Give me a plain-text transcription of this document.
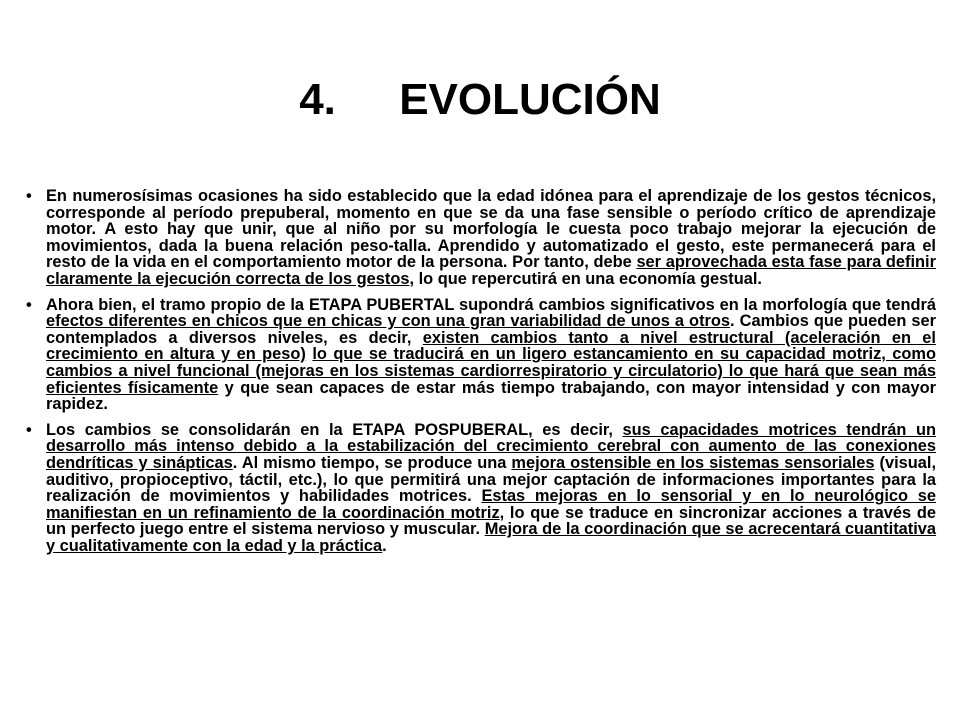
4.	EVOLUCIÓN
• En numerosísimas ocasiones ha sido establecido que la edad idónea para el aprendizaje de los gestos técnicos, corresponde al período prepuberal, momento en que se da una fase sensible o período crítico de aprendizaje motor. A esto hay que unir, que al niño por su morfología le cuesta poco trabajo mejorar la ejecución de movimientos, dada la buena relación peso-talla. Aprendido y automatizado el gesto, este permanecerá para el resto de la vida en el comportamiento motor de la persona. Por tanto, debe ser aprovechada esta fase para definir claramente la ejecución correcta de los gestos, lo que repercutirá en una economía gestual.
• Ahora bien, el tramo propio de la ETAPA PUBERTAL supondrá cambios significativos en la morfología que tendrá efectos diferentes en chicos que en chicas y con una gran variabilidad de unos a otros. Cambios que pueden ser contemplados a diversos niveles, es decir, existen cambios tanto a nivel estructural (aceleración en el crecimiento en altura y en peso) lo que se traducirá en un ligero estancamiento en su capacidad motriz, como cambios a nivel funcional (mejoras en los sistemas cardiorrespiratorio y circulatorio) lo que hará que sean más eficientes físicamente y que sean capaces de estar más tiempo trabajando, con mayor intensidad y con mayor rapidez.
• Los cambios se consolidarán en la ETAPA POSPUBERAL, es decir, sus capacidades motrices tendrán un desarrollo más intenso debido a la estabilización del crecimiento cerebral con aumento de las conexiones dendríticas y sinápticas. Al mismo tiempo, se produce una mejora ostensible en los sistemas sensoriales (visual, auditivo, propioceptivo, táctil, etc.), lo que permitirá una mejor captación de informaciones importantes para la realización de movimientos y habilidades motrices. Estas mejoras en lo sensorial y en lo neurológico se manifiestan en un refinamiento de la coordinación motriz, lo que se traduce en sincronizar acciones a través de un perfecto juego entre el sistema nervioso y muscular. Mejora de la coordinación que se acrecentará cuantitativa y cualitativamente con la edad y la práctica.
